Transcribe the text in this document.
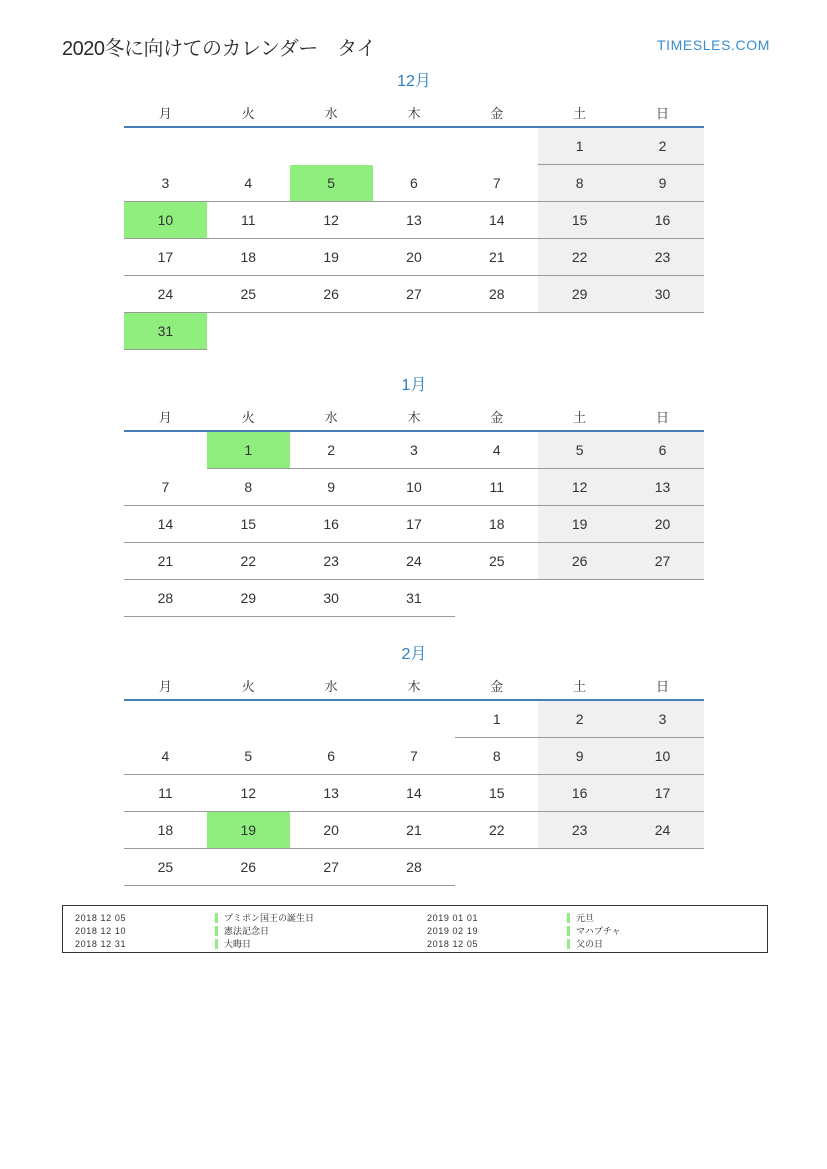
2020冬に向けてのカレンダー　タイ	TIMESLES.COM
12月
月	火	水	木	金	土	日

					1	2

3	4	5	6	7	8	9

10	11	12	13	14	15	16

17	18	19	20	21	22	23

24	25	26	27	28	29	30

31						

1月
月	火	水	木	金	土	日

	1	2	3	4	5	6

7	8	9	10	11	12	13

14	15	16	17	18	19	20

21	22	23	24	25	26	27

28	29	30	31			

2月
月	火	水	木	金	土	日

				1	2	3

4	5	6	7	8	9	10

11	12	13	14	15	16	17

18	19	20	21	22	23	24

25	26	27	28			

2018 12 05	プミポン国王の誕生日
2018 12 10	憲法記念日
2018 12 31	大晦日
2019 01 01	元旦
2019 02 19	マハプチャ
2018 12 05	父の日
